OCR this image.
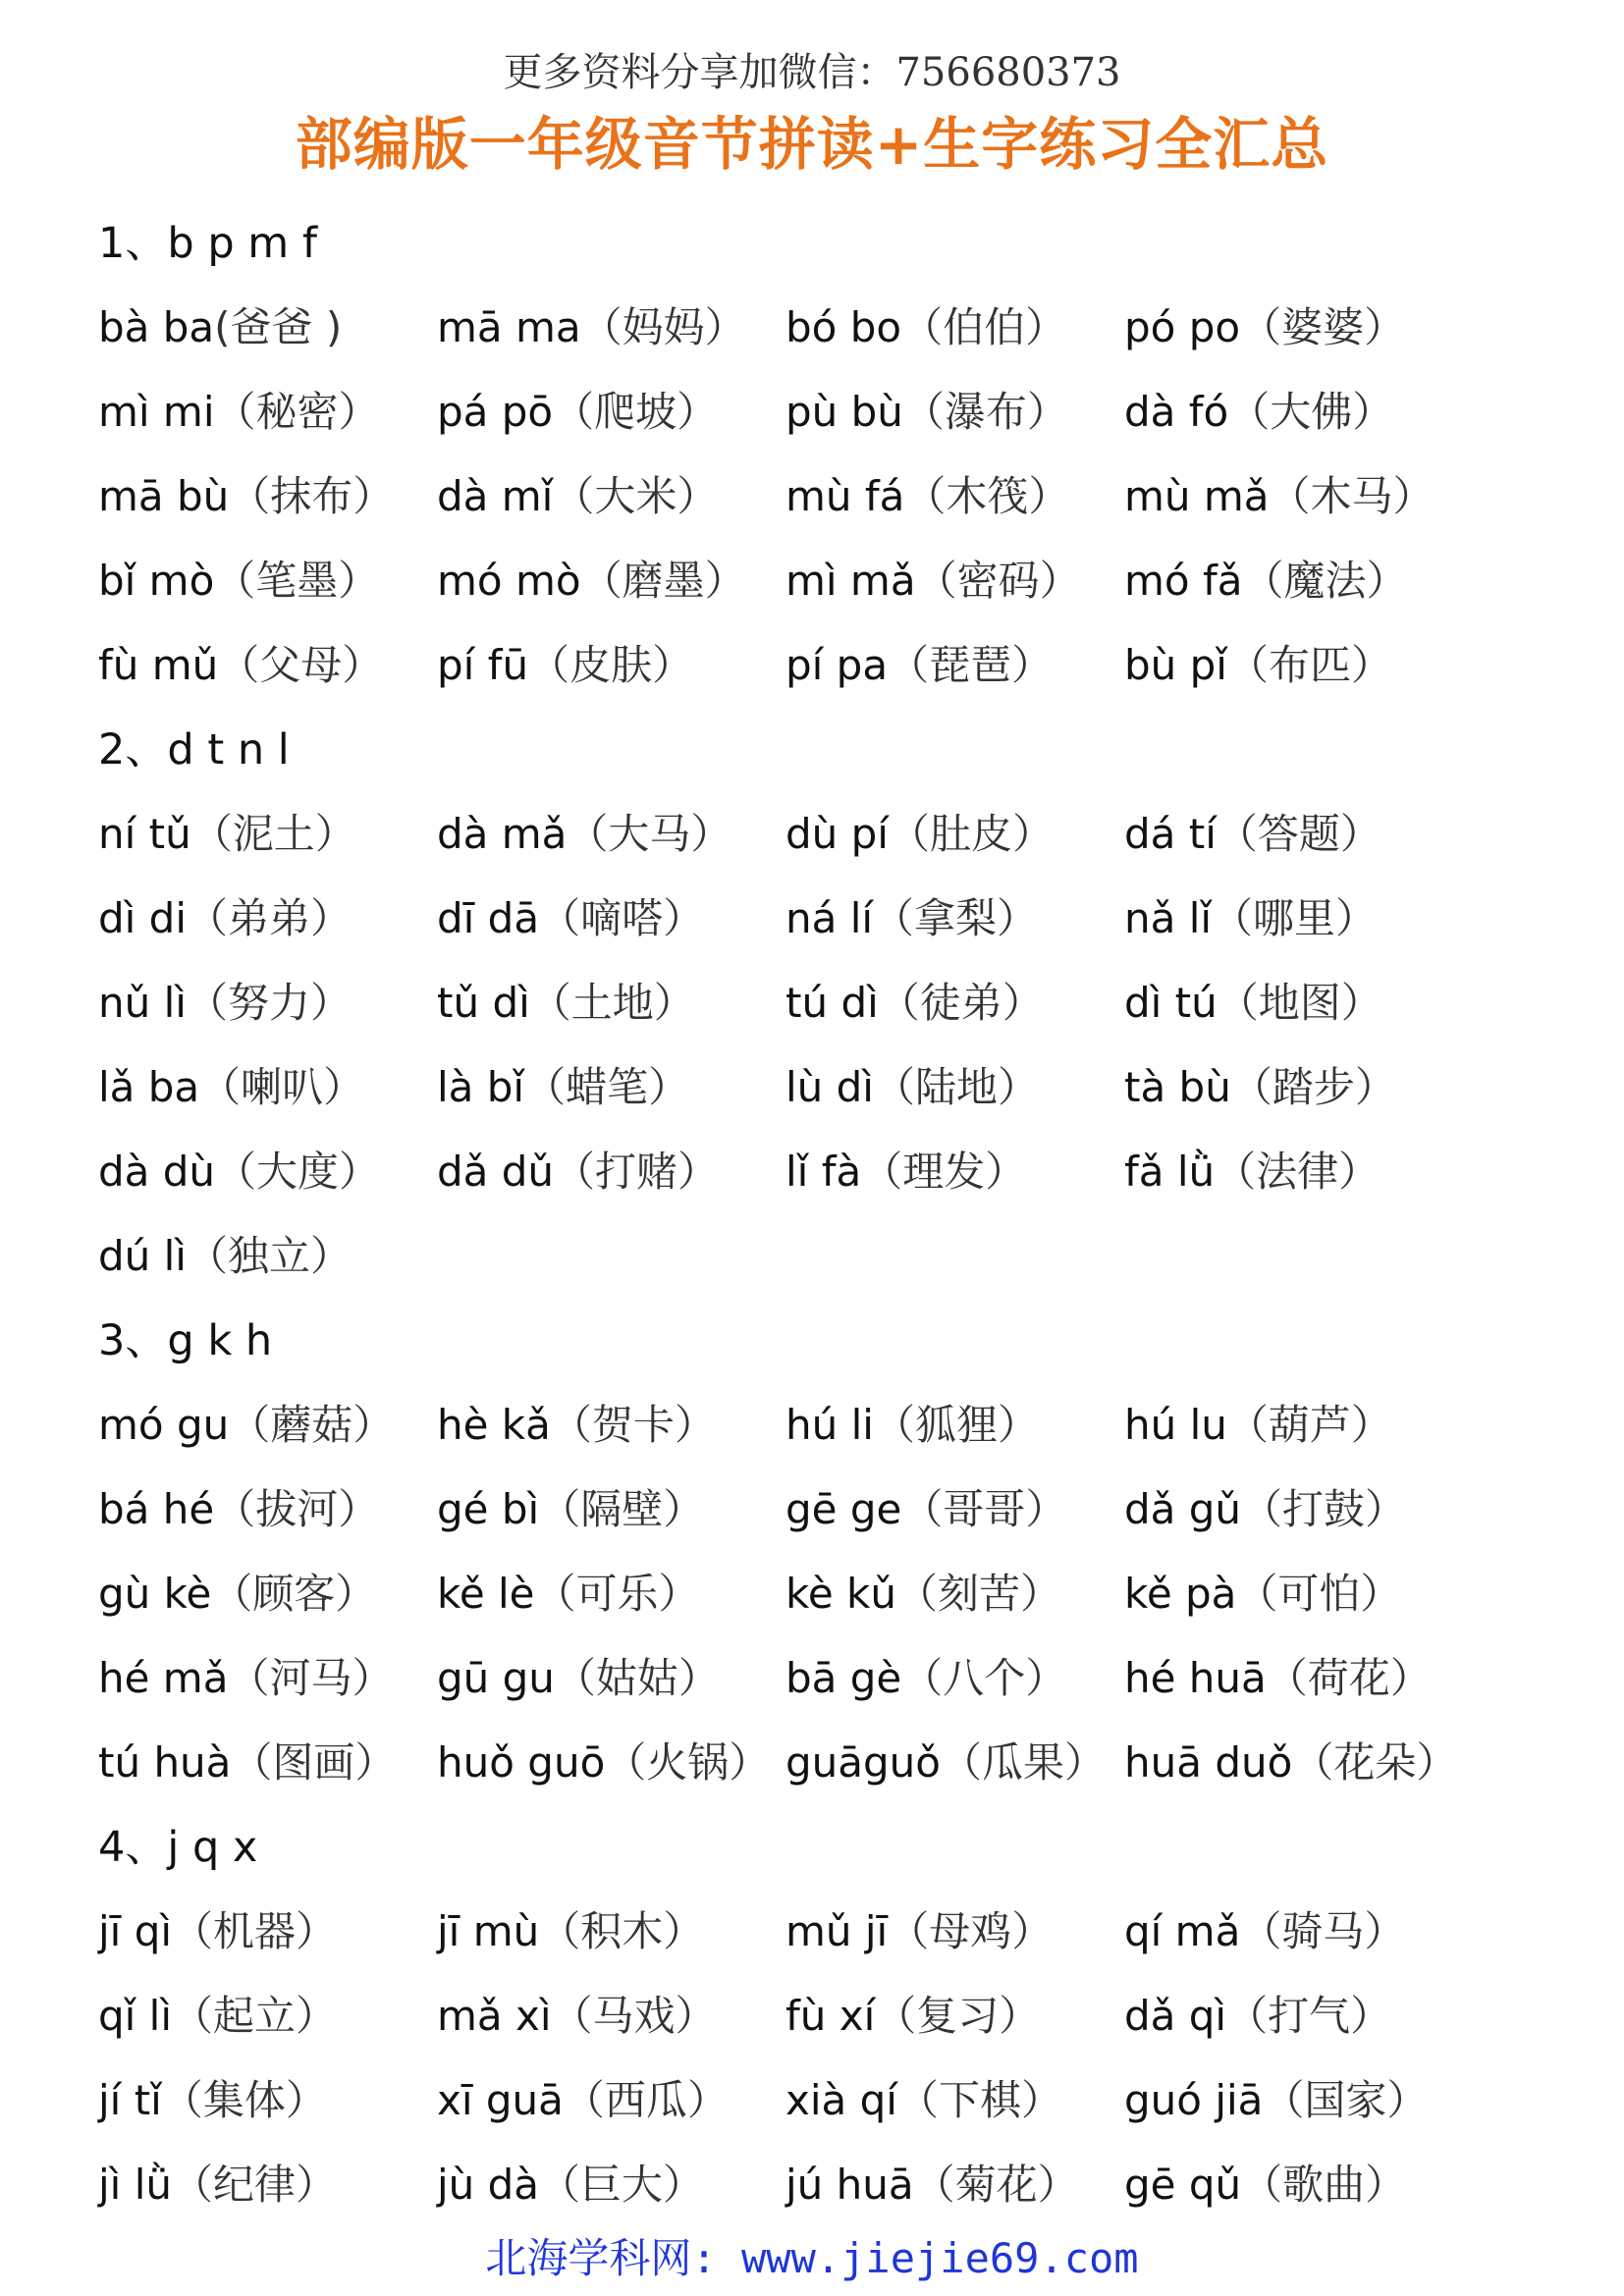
更多资料分享加微信：756680373
部编版一年级音节拼读+生字练习全汇总
1、b p m f
bà ba(爸爸 ) mā ma（妈妈） bó bo（伯伯） pó po（婆婆）
mì mi（秘密） pá pō（爬坡） pù bù（瀑布） dà fó（大佛）
mā bù（抹布） dà mǐ（大米） mù fá（木筏） mù mǎ（木马）
bǐ mò（笔墨） mó mò（磨墨） mì mǎ（密码） mó fǎ（魔法）
fù mǔ（父母） pí fū（皮肤） pí pa（琵琶） bù pǐ（布匹）
2、d t n l
ní tǔ（泥土） dà mǎ（大马） dù pí（肚皮） dá tí（答题）
dì di（弟弟） dī dā（嘀嗒） ná lí（拿梨） nǎ lǐ（哪里）
nǔ lì（努力） tǔ dì（土地） tú dì（徒弟） dì tú（地图）
lǎ ba（喇叭） là bǐ（蜡笔） lù dì（陆地） tà bù（踏步）
dà dù（大度） dǎ dǔ（打赌） lǐ fà（理发） fǎ lǜ（法律）
dú lì（独立）
3、g k h
mó gu（蘑菇） hè kǎ（贺卡） hú li（狐狸） hú lu（葫芦）
bá hé（拔河） gé bì（隔壁） gē ge（哥哥） dǎ gǔ（打鼓）
gù kè（顾客） kě lè（可乐） kè kǔ（刻苦） kě pà（可怕）
hé mǎ（河马） gū gu（姑姑） bā gè（八个） hé huā（荷花）
tú huà（图画） huǒ guō（火锅） guāguǒ（瓜果） huā duǒ（花朵）
4、j q x
jī qì（机器） jī mù（积木） mǔ jī（母鸡） qí mǎ（骑马）
qǐ lì（起立） mǎ xì（马戏） fù xí（复习） dǎ qì（打气）
jí tǐ（集体）	xī guā（西瓜） xià qí（下棋） guó jiā（国家）
jì lǜ（纪律） jù dà（巨大） jú huā（菊花） gē qǔ（歌曲）
北海学科网: www.jiejie69.com
